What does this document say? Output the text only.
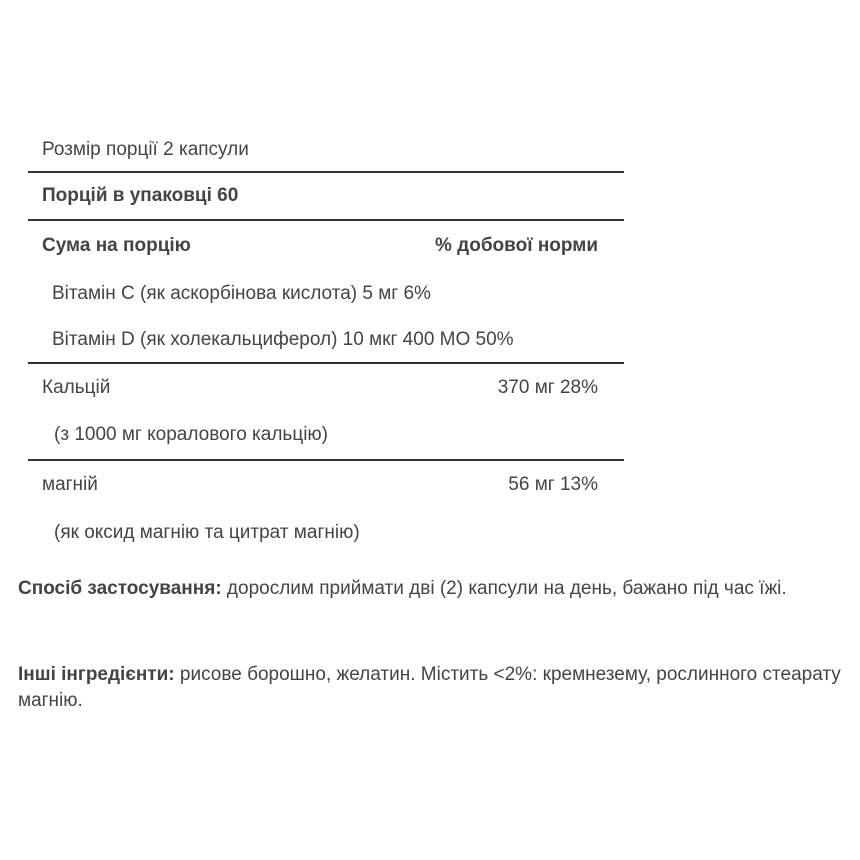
Розмір порції 2 капсули
Порцій в упаковці 60
Сума на порцію	% добової норми
Вітамін C (як аскорбінова кислота) 5 мг 6%
Вітамін D (як холекальциферол) 10 мкг 400 МО 50%
Кальцій	370 мг 28%
(з 1000 мг коралового кальцію)
магній	56 мг 13%
(як оксид магнію та цитрат магнію)
Спосіб застосування: дорослим приймати дві (2) капсули на день, бажано під час їжі.
Інші інгредієнти: рисове борошно, желатин. Містить <2%: кремнезему, рослинного стеарату магнію.
